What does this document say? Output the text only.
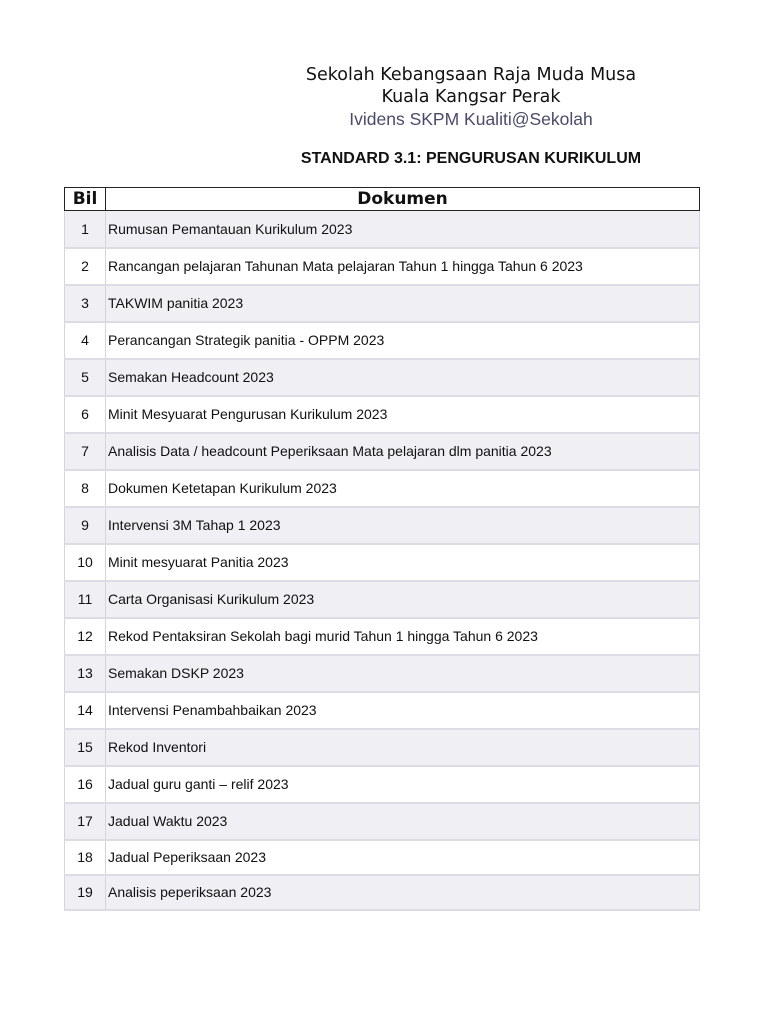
Sekolah Kebangsaan Raja Muda Musa

Kuala Kangsar Perak

Ividens SKPM Kualiti@Sekolah

STANDARD 3.1: PENGURUSAN KURIKULUM
Bil	Dokumen
1	Rumusan Pemantauan Kurikulum 2023
2	Rancangan pelajaran Tahunan Mata pelajaran Tahun 1 hingga Tahun 6 2023
3	TAKWIM panitia 2023
4	Perancangan Strategik panitia - OPPM 2023
5	Semakan Headcount 2023
6	Minit Mesyuarat Pengurusan Kurikulum 2023
7	Analisis Data / headcount Peperiksaan Mata pelajaran dlm panitia 2023
8	Dokumen Ketetapan Kurikulum 2023
9	Intervensi 3M Tahap 1 2023
10	Minit mesyuarat Panitia 2023
11	Carta Organisasi Kurikulum 2023
12	Rekod Pentaksiran Sekolah bagi murid Tahun 1 hingga Tahun 6 2023
13	Semakan DSKP 2023
14	Intervensi Penambahbaikan 2023
15	Rekod Inventori
16	Jadual guru ganti – relif 2023
17	Jadual Waktu 2023
18	Jadual Peperiksaan 2023
19	Analisis peperiksaan 2023
